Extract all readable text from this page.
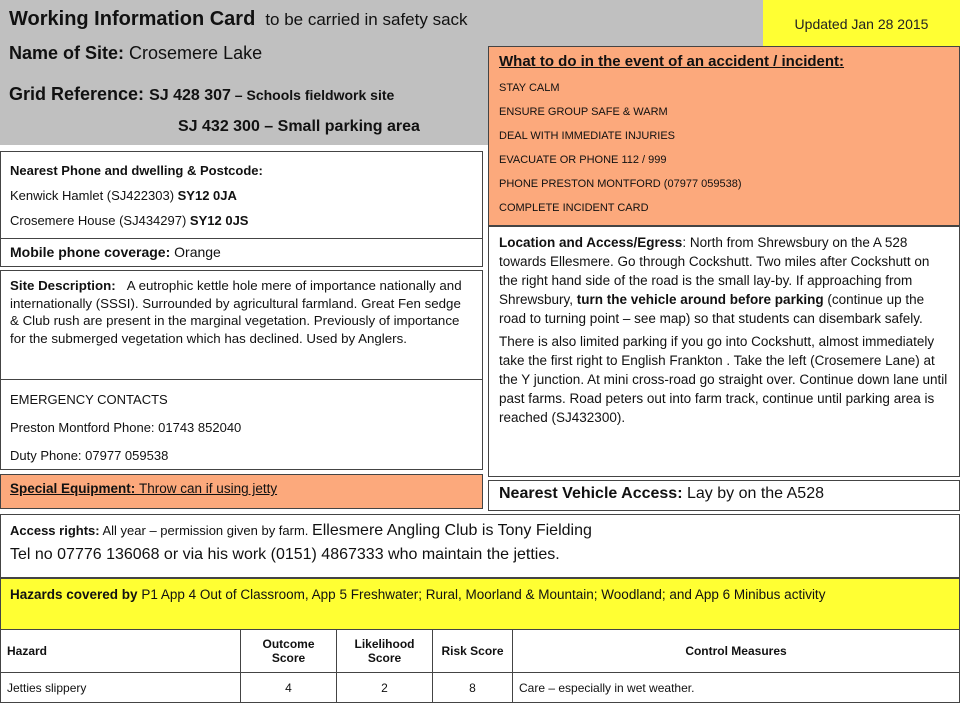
Working Information Card to be carried in safety sack
Name of Site: Crosemere Lake
Grid Reference: SJ 428 307 – Schools fieldwork site
SJ 432 300 – Small parking area
Updated Jan 28 2015
What to do in the event of an accident / incident:
STAY CALM
ENSURE GROUP SAFE & WARM
DEAL WITH IMMEDIATE INJURIES
EVACUATE OR PHONE 112 / 999
PHONE PRESTON MONTFORD (07977 059538)
COMPLETE INCIDENT CARD
Nearest Phone and dwelling & Postcode:
Kenwick Hamlet (SJ422303) SY12 0JA
Crosemere House (SJ434297) SY12 0JS
Mobile phone coverage: Orange
Site Description: A eutrophic kettle hole mere of importance nationally and internationally (SSSI). Surrounded by agricultural farmland. Great Fen sedge & Club rush are present in the marginal vegetation. Previously of importance for the submerged vegetation which has declined. Used by Anglers.
EMERGENCY CONTACTS
Preston Montford Phone: 01743 852040
Duty Phone: 07977 059538
Special Equipment: Throw can if using jetty

Location and Access/Egress: North from Shrewsbury on the A 528 towards Ellesmere. Go through Cockshutt. Two miles after Cockshutt on the right hand side of the road is the small lay-by. If approaching from Shrewsbury, turn the vehicle around before parking (continue up the road to turning point – see map) so that students can disembark safely.

There is also limited parking if you go into Cockshutt, almost immediately take the first right to English Frankton . Take the left (Crosemere Lane) at the Y junction. At mini cross-road go straight over. Continue down lane until past farms. Road peters out into farm track, continue until parking area is reached (SJ432300).

Nearest Vehicle Access: Lay by on the A528
Access rights: All year – permission given by farm. Ellesmere Angling Club is Tony Fielding
Tel no 07776 136068 or via his work (0151) 4867333 who maintain the jetties.
Hazards covered by P1 App 4 Out of Classroom, App 5 Freshwater; Rural, Moorland & Mountain; Woodland; and App 6 Minibus activity
Hazard	Outcome Score	Likelihood Score	Risk Score	Control Measures
Jetties slippery	4	2	8	Care – especially in wet weather.
